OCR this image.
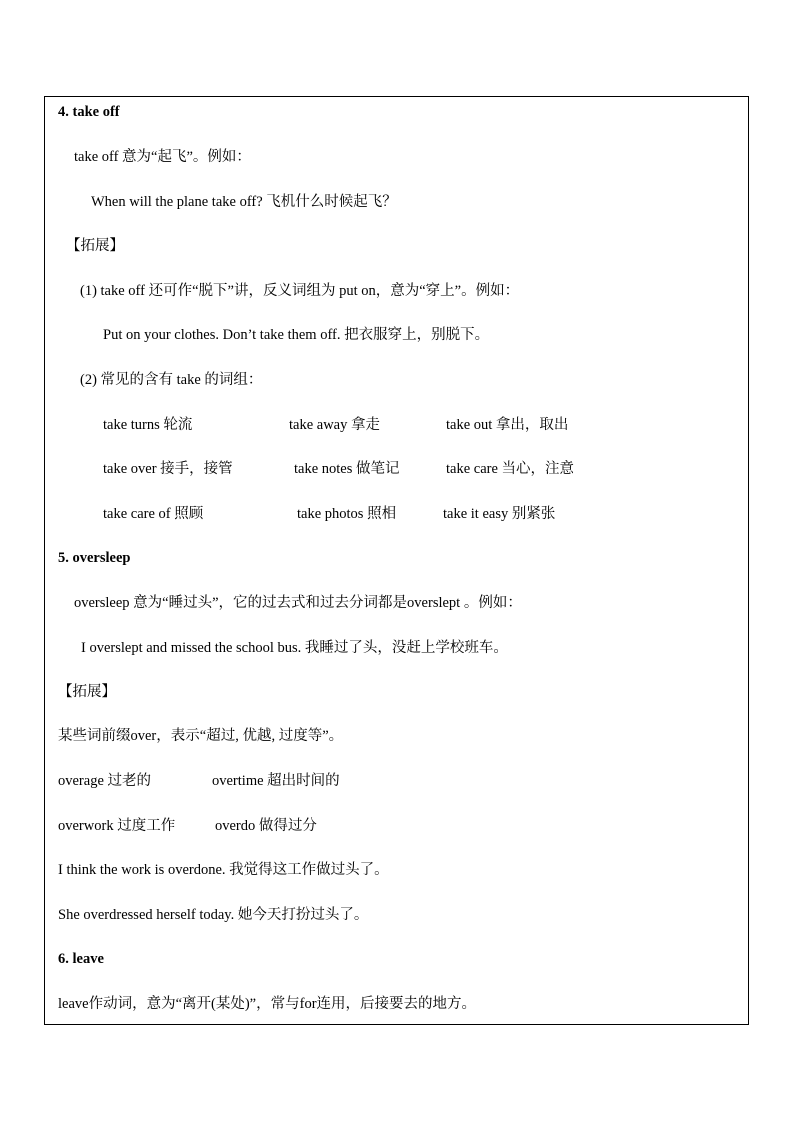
4. take off
take off 意为“起飞”。例如：
When will the plane take off? 飞机什么时候起飞？
【拓展】
(1) take off 还可作“脱下”讲，反义词组为 put on，意为“穿上”。例如：
Put on your clothes. Don’t take them off. 把衣服穿上，别脱下。
(2) 常见的含有 take 的词组：
take turns 轮流	take away 拿走	take out 拿出，取出
take over 接手，接管	take notes 做笔记	take care 当心，注意
take care of 照顾	take photos 照相	take it easy 别紧张
5. oversleep
oversleep 意为“睡过头”，它的过去式和过去分词都是overslept 。例如：
I overslept and missed the school bus. 我睡过了头，没赶上学校班车。
【拓展】
某些词前缀over，表示“超过, 优越, 过度等”。
overage 过老的	overtime 超出时间的
overwork 过度工作	overdo 做得过分
I think the work is overdone. 我觉得这工作做过头了。
She overdressed herself today. 她今天打扮过头了。
6. leave
leave作动词，意为“离开(某处)”，常与for连用，后接要去的地方。
